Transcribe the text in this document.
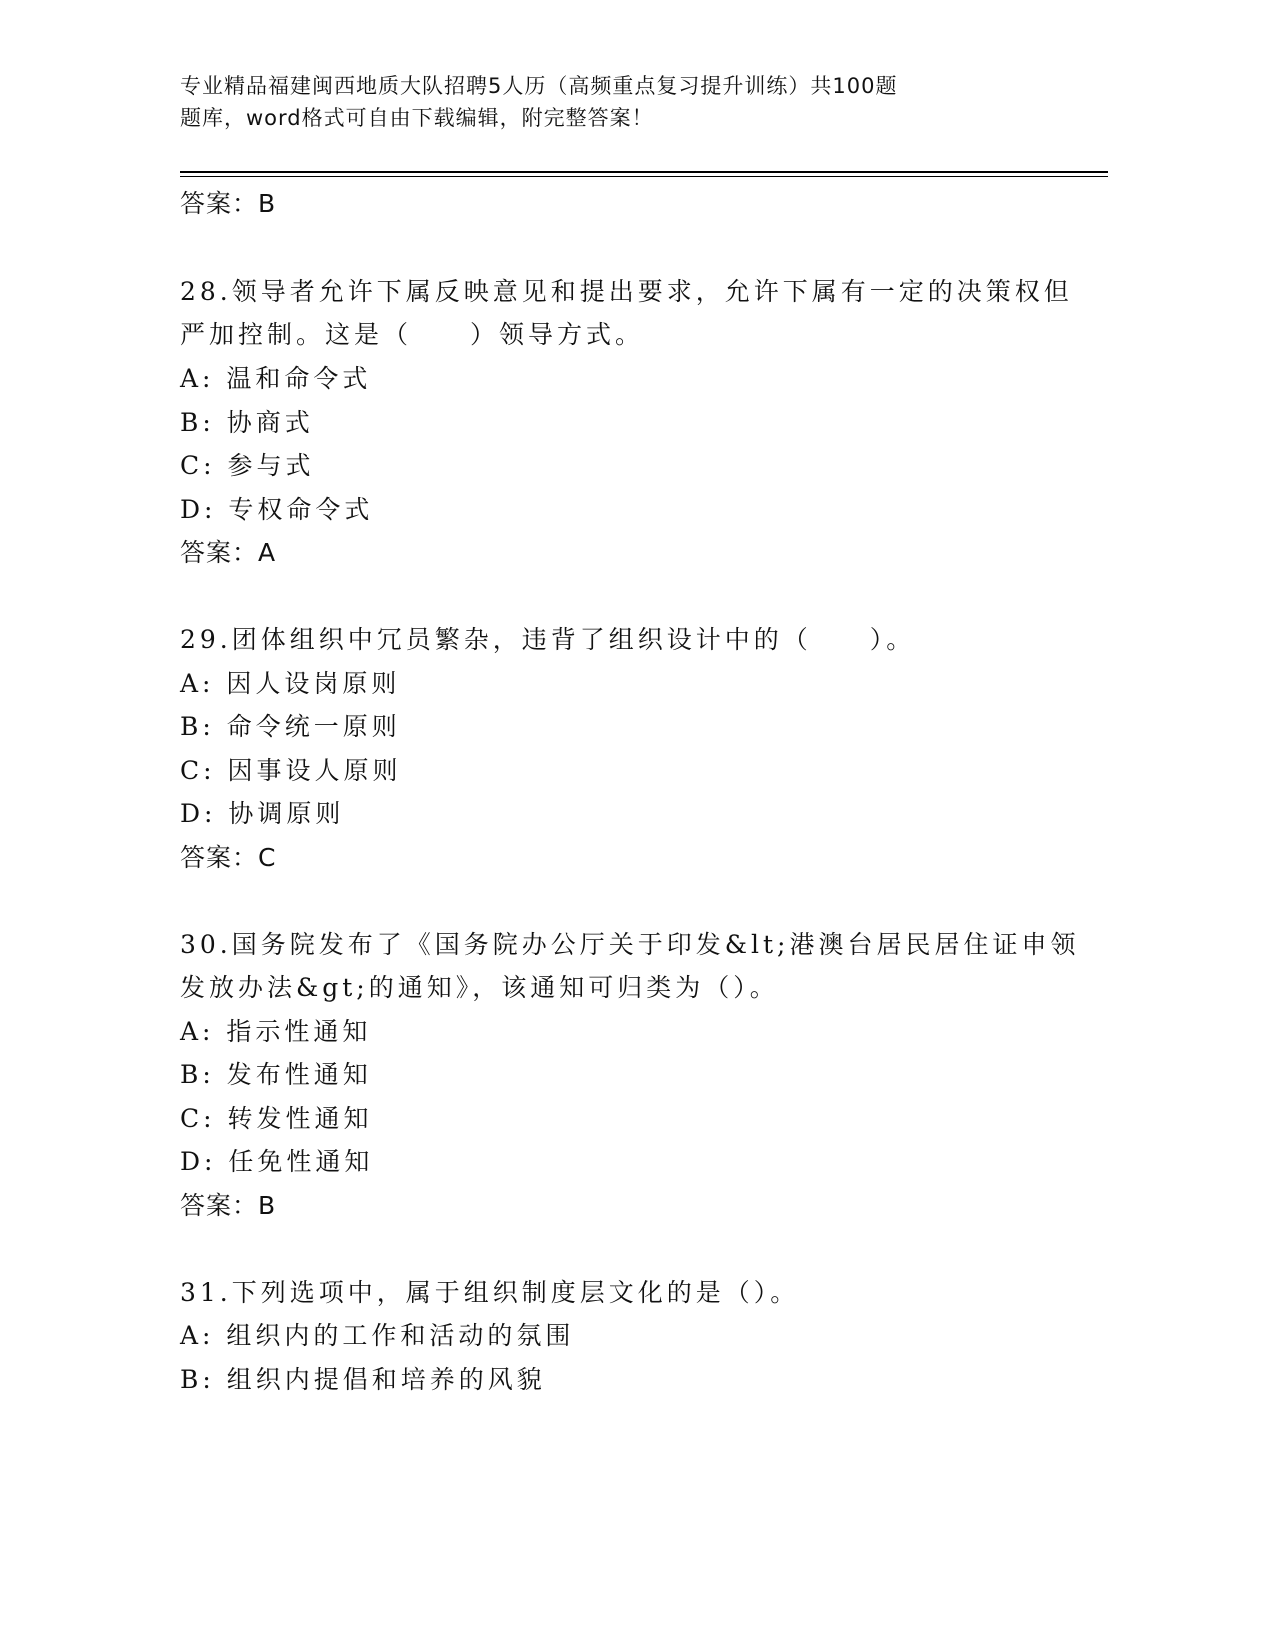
专业精品福建闽西地质大队招聘5人历（高频重点复习提升训练）共100题
题库，word格式可自由下载编辑，附完整答案！
答案：B
28.领导者允许下属反映意见和提出要求，允许下属有一定的决策权但
严加控制。这是（　　）领导方式。
A: 温和命令式
B: 协商式
C: 参与式
D: 专权命令式
答案：A
29.团体组织中冗员繁杂，违背了组织设计中的（　　）。
A: 因人设岗原则
B: 命令统一原则
C: 因事设人原则
D: 协调原则
答案：C
30.国务院发布了《国务院办公厅关于印发&lt;港澳台居民居住证申领
发放办法&gt;的通知》，该通知可归类为（）。
A: 指示性通知
B: 发布性通知
C: 转发性通知
D: 任免性通知
答案：B
31.下列选项中，属于组织制度层文化的是（）。
A: 组织内的工作和活动的氛围
B: 组织内提倡和培养的风貌
